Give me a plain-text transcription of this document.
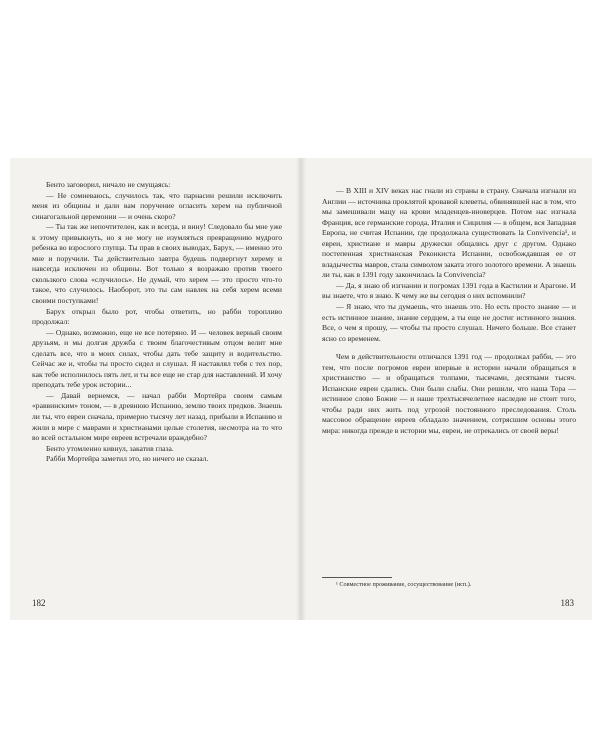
Бенто заговорил, ничало не смущаясь:

— Не сомневаюсь, случилось так, что парнасии решили исключить меня из общины и дали вам поручение огласить херем на публичной синагогальной церемонии — и очень скоро?

— Ты так же непочтителен, как и всегда, и вину! Следовало бы мне уже к этому привыкнуть, но я не могу не изумляться превращению мудрого ребенка во взрослого глупца. Ты прав в своих выводах, Барух, — именно это мне и поручили. Ты действительно завтра будешь подвергнут херему и навсегда исключен из общины. Вот только я возражаю против твоего скользкого слова «случилось». Не думай, что херем — это просто что-то такое, что случилось. Наоборот, это ты сам навлек на себя херем всеми своими поступками!

Барух открыл было рот, чтобы ответить, но рабби торопливо продолжал:

— Однако, возможно, еще не все потеряно. И — человек верный своим друзьям, и мы долгая дружба с твоим благочестивым отцом велит мне сделать все, что в моих силах, чтобы дать тебе защиту и водительство. Сейчас же и, чтобы ты просто сидел и слушал. Я наставлял тебя с тех пор, как тебе исполнилось пять лет, и ты все еще не стар для наставлений. И хочу преподать тебе урок истории...

— Давай вернемся, — начал рабби Мортейра своим самым «раввинским» тоном, — в древнюю Испанию, землю твоих предков. Знаешь ли ты, что евреи сначала, примерно тысячу лет назад, прибыли в Испанию и жили в мире с маврами и христианами целые столетия, несмотра на то что во всей остальном мире евреев встречали враждебно?

Бенто утомленно кивнул, закатив глаза.

Рабби Мортейра заметил это, но ничего не сказал.

182

— В XIII и XIV веках нас гнали из страны в страну. Сначала изгнали из Англии — источника проклятой кровавой клеветы, обвинявшей нас в том, что мы замешивали мацу на крови младенцев-иноверцев. Потом нас изгнала Франция, все германские города, Италия и Сицилия — в общем, вся Западная Европа, не считая Испании, где продолжала существовать la Convivencia¹, и евреи, христиане и мавры дружески общались друг с другом. Однако постепенная христианская Реконкиста Испании, освобождавшая ее от владычества мавров, стала символом заката этого золотого времени. А знаешь ли ты, как в 1391 году закончилась la Convivencia?

— Да, я знаю об изгнании и погромах 1391 года в Кастилии и Арагоне. И вы знаете, что я знаю. К чему же вы сегодня о них вспомнили?

— Я знаю, что ты думаешь, что знаешь это. Но есть просто знание — и есть истинное знание, знание сердцем, а ты еще не достиг истинного знания. Все, о чем я прошу, — чтобы ты просто слушал. Ничего больше. Все станет ясно со временем.

Чем в действительности отличался 1391 год — продолжал рабби, — это тем, что после погромов евреи впервые в истории начали обращаться в христианство — и обращаться толпами, тысячами, десятками тысяч. Испанские евреи сдались. Они были слабы. Они решили, что наша Тора — истинное слово Божие — и наше трехтысячелетнее наследие не стоит того, чтобы ради них жить под угрозой постоянного преследования. Столь массовое обращение евреев обладало значением, сотрясшим основы этого мира: никогда прежде в истории мы, евреи, не отрекались от своей веры!

¹ Совместное проживание, сосуществование (исп.).
183
